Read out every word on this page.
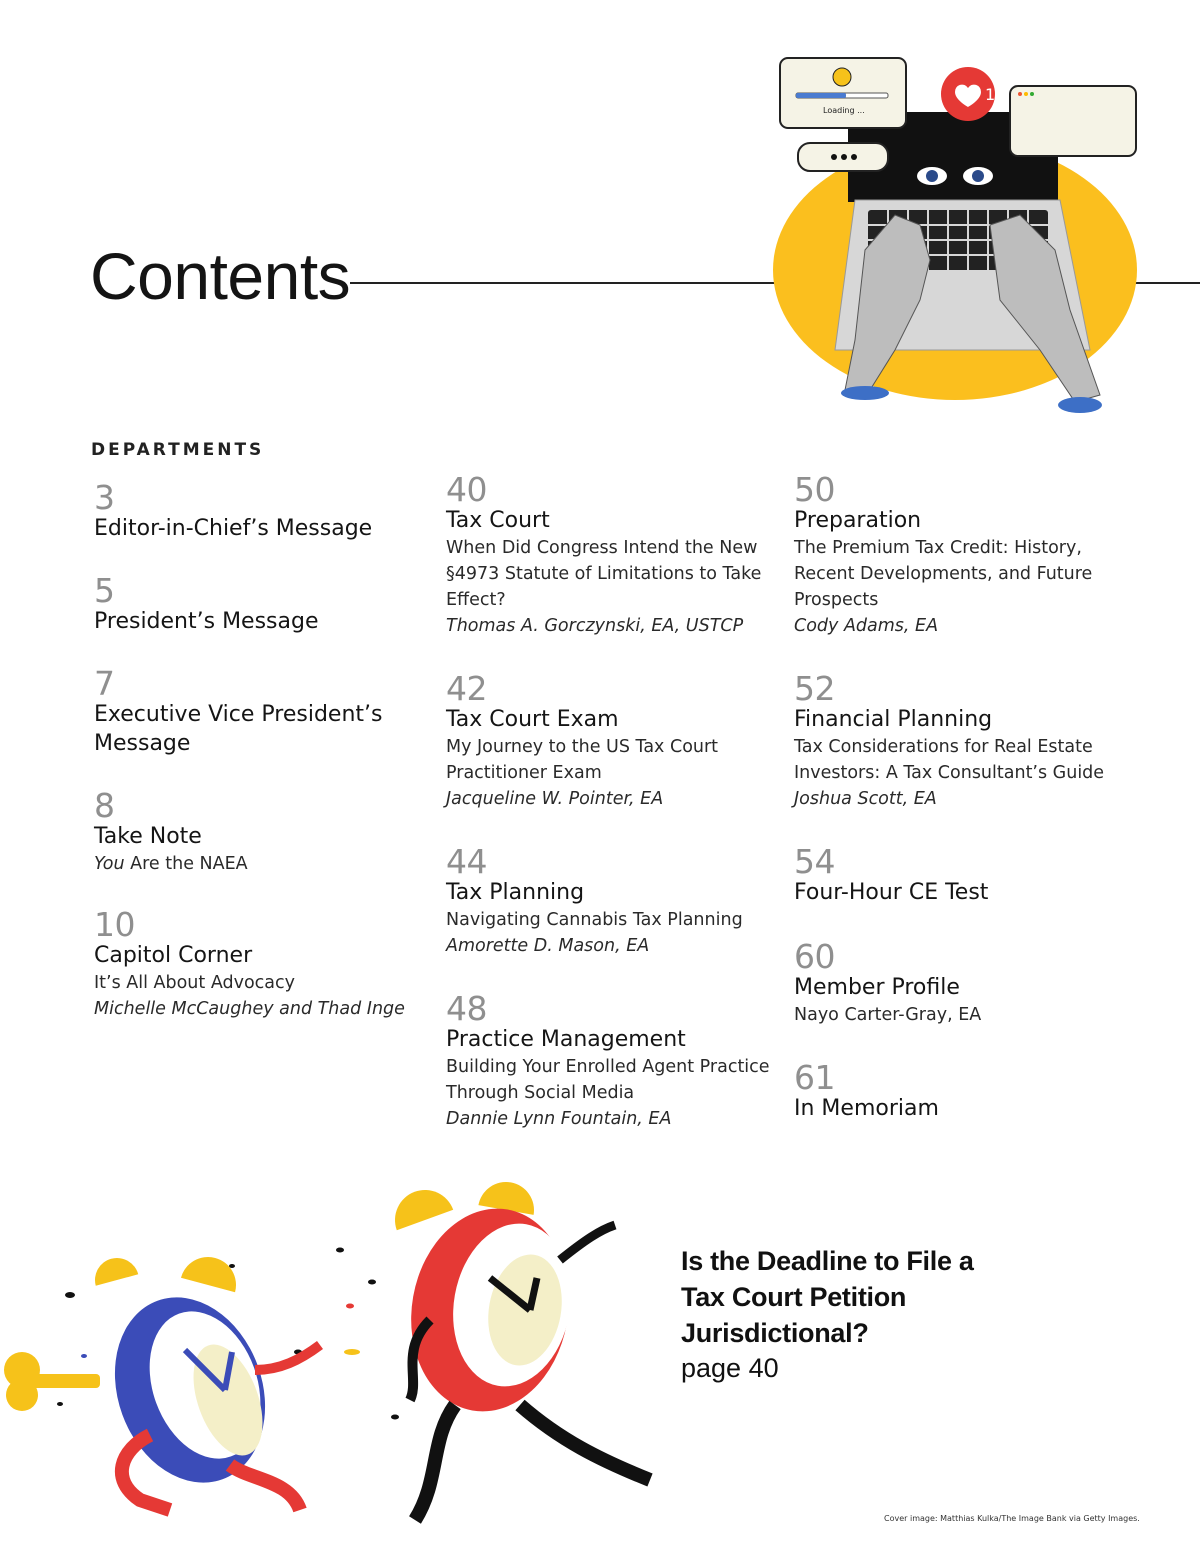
Contents
Loading ...
1
DEPARTMENTS
3
Editor-in-Chief’s Message
5
President’s Message
7
Executive Vice President’s Message
8
Take Note
You Are the NAEA
10
Capitol Corner
It’s All About Advocacy
Michelle McCaughey and Thad Inge
40
Tax Court
When Did Congress Intend the New §4973 Statute of Limitations to Take Effect?
Thomas A. Gorczynski, EA, USTCP
42
Tax Court Exam
My Journey to the US Tax Court Practitioner Exam
Jacqueline W. Pointer, EA
44
Tax Planning
Navigating Cannabis Tax Planning
Amorette D. Mason, EA
48
Practice Management
Building Your Enrolled Agent Practice Through Social Media
Dannie Lynn Fountain, EA
50
Preparation
The Premium Tax Credit: History, Recent Developments, and Future Prospects
Cody Adams, EA
52
Financial Planning
Tax Considerations for Real Estate Investors: A Tax Consultant’s Guide
Joshua Scott, EA
54
Four-Hour CE Test
60
Member Profile
Nayo Carter-Gray, EA
61
In Memoriam
Is the Deadline to File a Tax Court Petition Jurisdictional?
page 40
Cover image: Matthias Kulka/The Image Bank via Getty Images.
